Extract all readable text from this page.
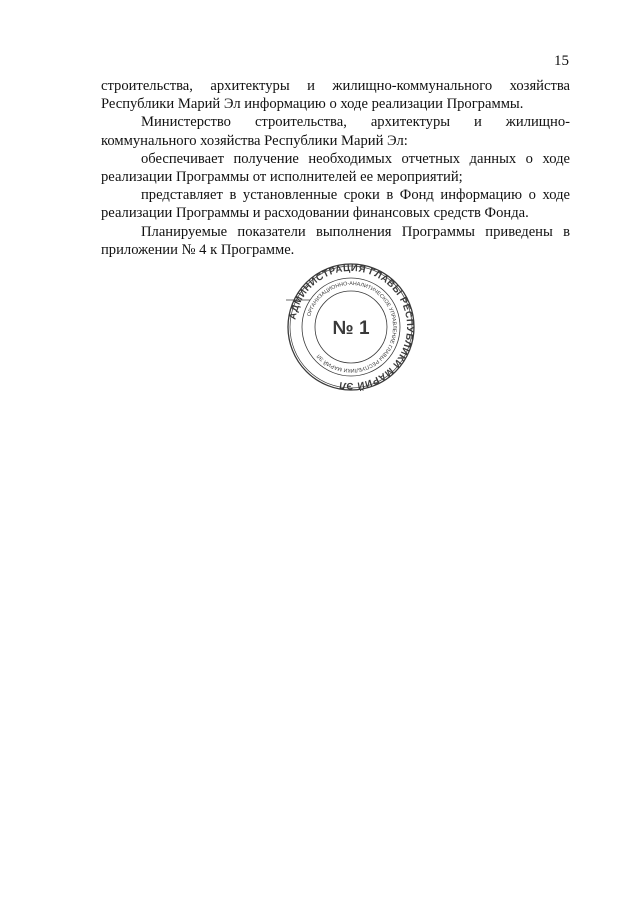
15

строительства, архитектуры и жилищно-коммунального хозяйства Республики Марий Эл информацию о ходе реализации Программы.

Министерство строительства, архитектуры и жилищно-коммунального хозяйства Республики Марий Эл:

обеспечивает получение необходимых отчетных данных о ходе реализации Программы от исполнителей ее мероприятий;

представляет в установленные сроки в Фонд информацию о ходе реализации Программы и расходовании финансовых средств Фонда.

Планируемые показатели выполнения Программы приведены в приложении № 4 к Программе.

АДМИНИСТРАЦИЯ ГЛАВЫ РЕСПУБЛИКИ МАРИЙ ЭЛ
ОРГАНИЗАЦИОННО-АНАЛИТИЧЕСКОЕ УПРАВЛЕНИЕ ГЛАВЫ РЕСПУБЛИКИ МАРИЙ ЭЛ
№ 1
